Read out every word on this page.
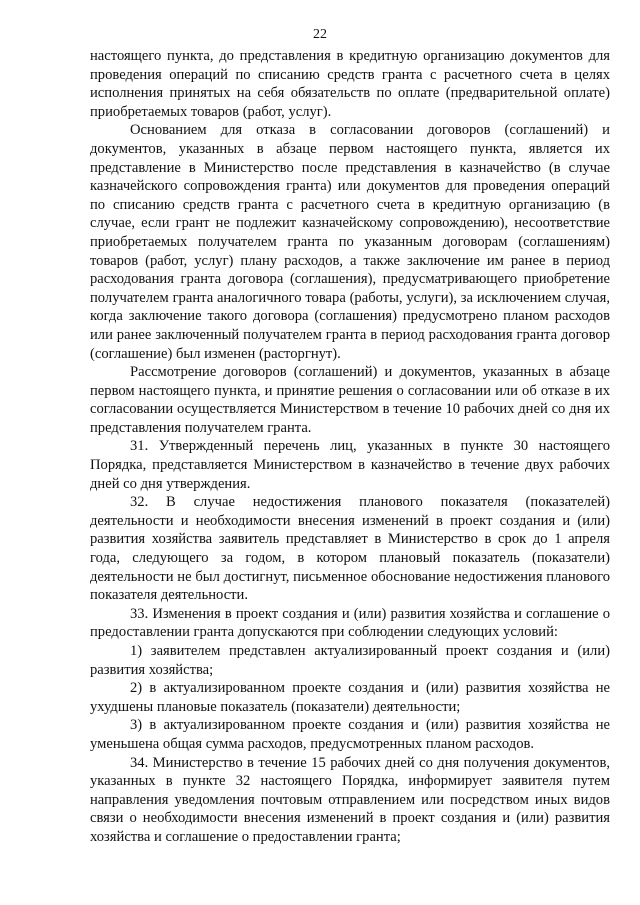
22

настоящего пункта, до представления в кредитную организацию документов для проведения операций по списанию средств гранта с расчетного счета в целях исполнения принятых на себя обязательств по оплате (предварительной оплате) приобретаемых товаров (работ, услуг).

Основанием для отказа в согласовании договоров (соглашений) и документов, указанных в абзаце первом настоящего пункта, является их представление в Министерство после представления в казначейство (в случае казначейского сопровождения гранта) или документов для проведения операций по списанию средств гранта с расчетного счета в кредитную организацию (в случае, если грант не подлежит казначейскому сопровождению), несоответствие приобретаемых получателем гранта по указанным договорам (соглашениям) товаров (работ, услуг) плану расходов, а также заключение им ранее в период расходования гранта договора (соглашения), предусматривающего приобретение получателем гранта аналогичного товара (работы, услуги), за исключением случая, когда заключение такого договора (соглашения) предусмотрено планом расходов или ранее заключенный получателем гранта в период расходования гранта договор (соглашение) был изменен (расторгнут).

Рассмотрение договоров (соглашений) и документов, указанных в абзаце первом настоящего пункта, и принятие решения о согласовании или об отказе в их согласовании осуществляется Министерством в течение 10 рабочих дней со дня их представления получателем гранта.

31. Утвержденный перечень лиц, указанных в пункте 30 настоящего Порядка, представляется Министерством в казначейство в течение двух рабочих дней со дня утверждения.

32. В случае недостижения планового показателя (показателей) деятельности и необходимости внесения изменений в проект создания и (или) развития хозяйства заявитель представляет в Министерство в срок до 1 апреля года, следующего за годом, в котором плановый показатель (показатели) деятельности не был достигнут, письменное обоснование недостижения планового показателя деятельности.

33. Изменения в проект создания и (или) развития хозяйства и соглашение о предоставлении гранта допускаются при соблюдении следующих условий:

1) заявителем представлен актуализированный проект создания и (или) развития хозяйства;

2) в актуализированном проекте создания и (или) развития хозяйства не ухудшены плановые показатель (показатели) деятельности;

3) в актуализированном проекте создания и (или) развития хозяйства не уменьшена общая сумма расходов, предусмотренных планом расходов.

34. Министерство в течение 15 рабочих дней со дня получения документов, указанных в пункте 32 настоящего Порядка, информирует заявителя путем направления уведомления почтовым отправлением или посредством иных видов связи о необходимости внесения изменений в проект создания и (или) развития хозяйства и соглашение о предоставлении гранта;
